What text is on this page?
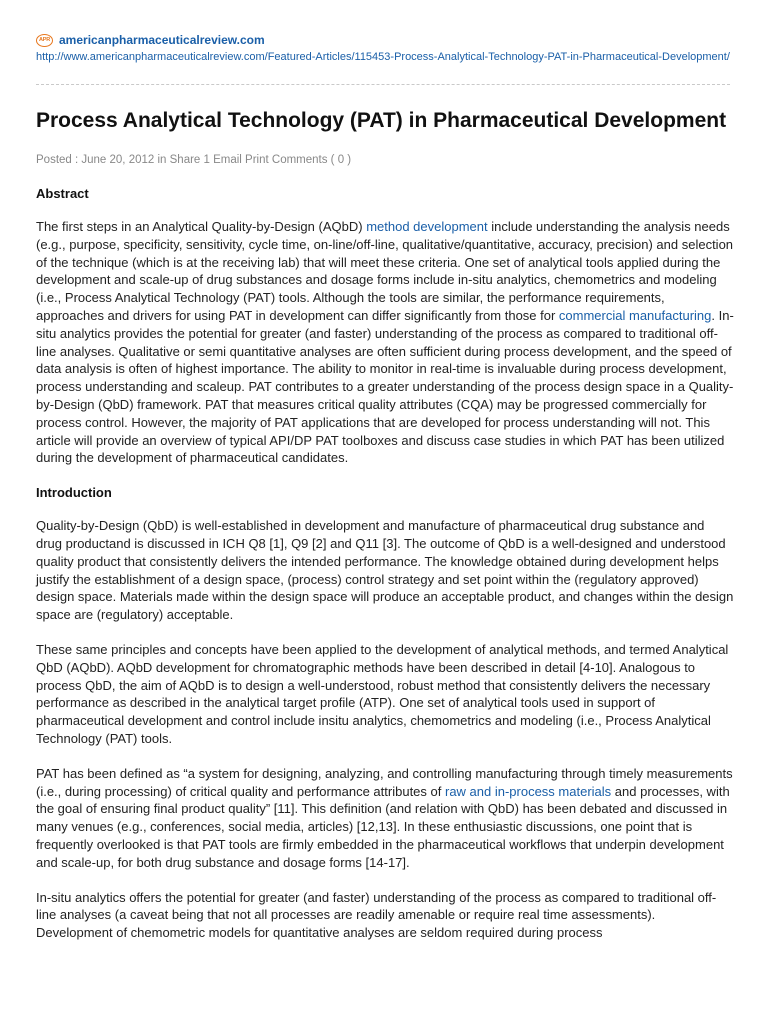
APR americanpharmaceuticalreview.com
http://www.americanpharmaceuticalreview.com/Featured-Articles/115453-Process-Analytical-Technology-PAT-in-Pharmaceutical-Development/
Process Analytical Technology (PAT) in Pharmaceutical Development
Posted : June 20, 2012 in Share 1 Email Print Comments ( 0 )
Abstract

The first steps in an Analytical Quality-by-Design (AQbD) method development include understanding the analysis needs (e.g., purpose, specificity, sensitivity, cycle time, on-line/off-line, qualitative/quantitative, accuracy, precision) and selection of the technique (which is at the receiving lab) that will meet these criteria. One set of analytical tools applied during the development and scale-up of drug substances and dosage forms include in-situ analytics, chemometrics and modeling (i.e., Process Analytical Technology (PAT) tools. Although the tools are similar, the performance requirements, approaches and drivers for using PAT in development can differ significantly from those for commercial manufacturing. In-situ analytics provides the potential for greater (and faster) understanding of the process as compared to traditional off-line analyses. Qualitative or semi quantitative analyses are often sufficient during process development, and the speed of data analysis is often of highest importance. The ability to monitor in real-time is invaluable during process development, process understanding and scaleup. PAT contributes to a greater understanding of the process design space in a Quality-by-Design (QbD) framework. PAT that measures critical quality attributes (CQA) may be progressed commercially for process control. However, the majority of PAT applications that are developed for process understanding will not. This article will provide an overview of typical API/DP PAT toolboxes and discuss case studies in which PAT has been utilized during the development of pharmaceutical candidates.

Introduction

Quality-by-Design (QbD) is well-established in development and manufacture of pharmaceutical drug substance and drug productand is discussed in ICH Q8 [1], Q9 [2] and Q11 [3]. The outcome of QbD is a well-designed and understood quality product that consistently delivers the intended performance. The knowledge obtained during development helps justify the establishment of a design space, (process) control strategy and set point within the (regulatory approved) design space. Materials made within the design space will produce an acceptable product, and changes within the design space are (regulatory) acceptable.

These same principles and concepts have been applied to the development of analytical methods, and termed Analytical QbD (AQbD). AQbD development for chromatographic methods have been described in detail [4-10]. Analogous to process QbD, the aim of AQbD is to design a well-understood, robust method that consistently delivers the necessary performance as described in the analytical target profile (ATP). One set of analytical tools used in support of pharmaceutical development and control include insitu analytics, chemometrics and modeling (i.e., Process Analytical Technology (PAT) tools.

PAT has been defined as “a system for designing, analyzing, and controlling manufacturing through timely measurements (i.e., during processing) of critical quality and performance attributes of raw and in-process materials and processes, with the goal of ensuring final product quality” [11]. This definition (and relation with QbD) has been debated and discussed in many venues (e.g., conferences, social media, articles) [12,13]. In these enthusiastic discussions, one point that is frequently overlooked is that PAT tools are firmly embedded in the pharmaceutical workflows that underpin development and scale-up, for both drug substance and dosage forms [14-17].

In-situ analytics offers the potential for greater (and faster) understanding of the process as compared to traditional off-line analyses (a caveat being that not all processes are readily amenable or require real time assessments). Development of chemometric models for quantitative analyses are seldom required during process
